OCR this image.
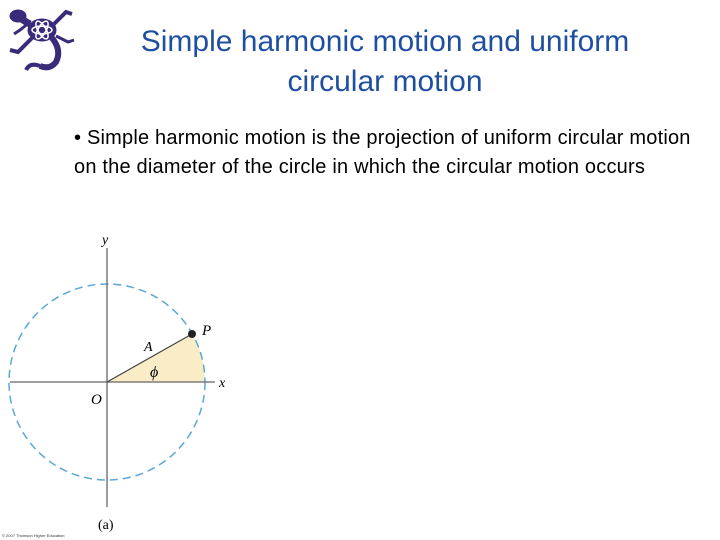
Simple harmonic motion and uniform circular motion
• Simple harmonic motion is the projection of uniform circular motion on the diameter of the circle in which the circular motion occurs
y
x
O
P
A
ϕ
(a)
© 2007 Thomson Higher Education
